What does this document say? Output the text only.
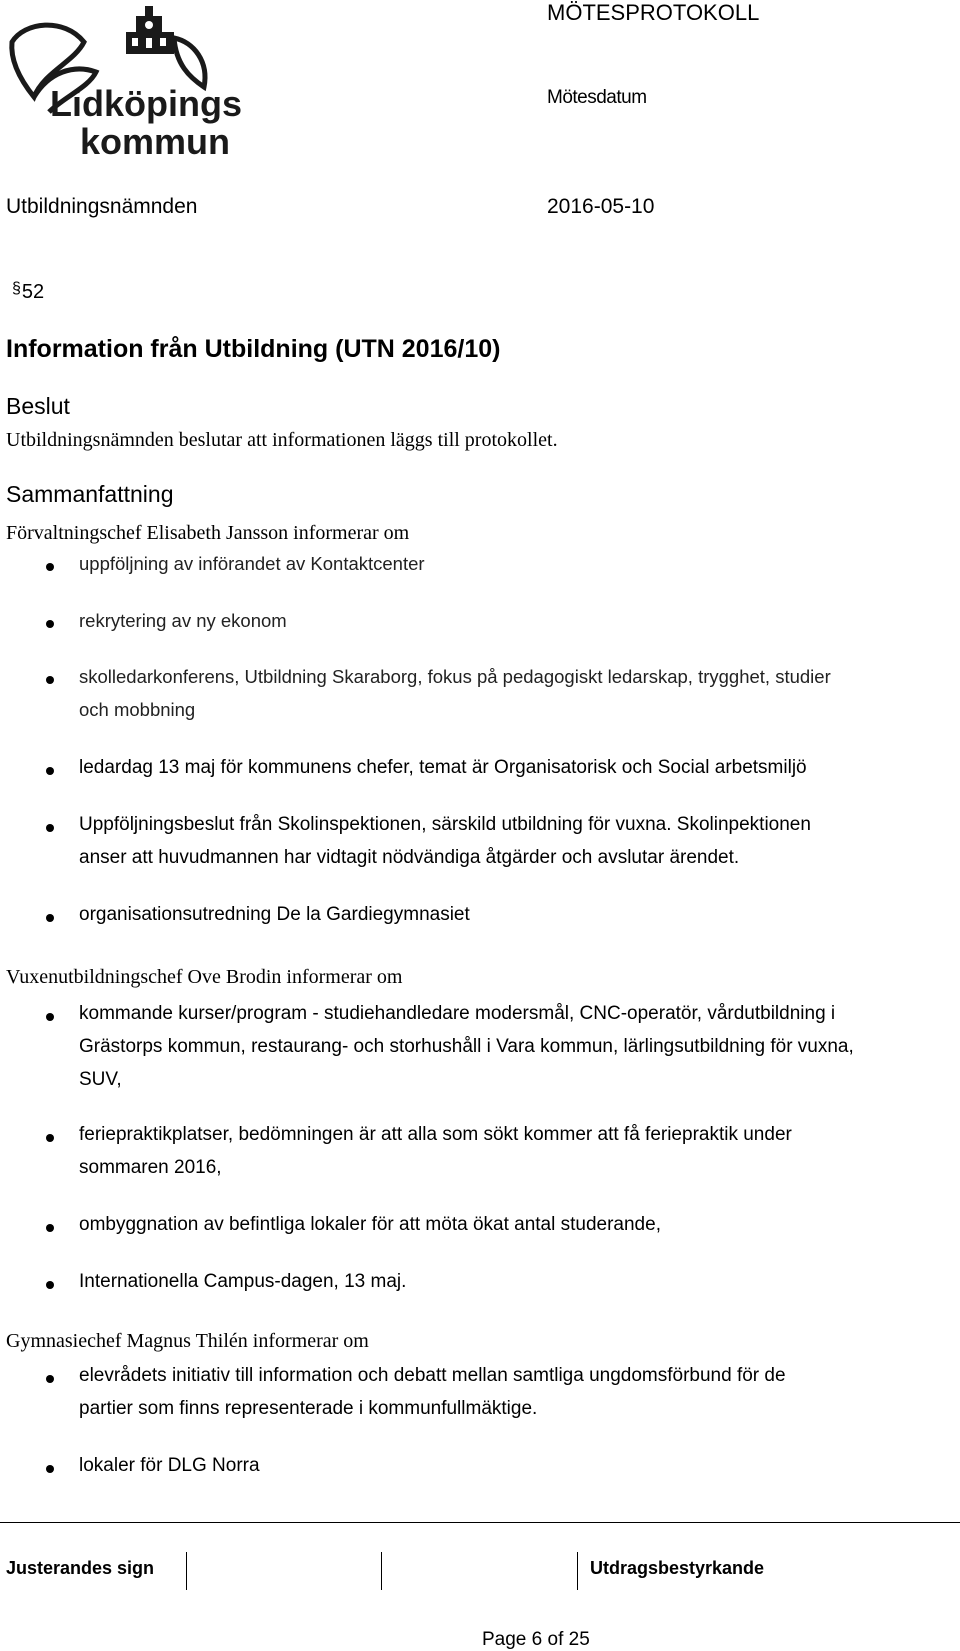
Lidköpings
kommun
MÖTESPROTOKOLL
Mötesdatum
Utbildningsnämnden	2016-05-10
§52
Information från Utbildning (UTN 2016/10)
Beslut
Utbildningsnämnden beslutar att informationen läggs till protokollet.
Sammanfattning
Förvaltningschef Elisabeth Jansson informerar om
uppföljning av införandet av Kontaktcenter
rekrytering av ny ekonom
skolledarkonferens, Utbildning Skaraborg, fokus på pedagogiskt ledarskap, trygghet, studier
och mobbning
ledardag 13 maj för kommunens chefer, temat är Organisatorisk och Social arbetsmiljö
Uppföljningsbeslut från Skolinspektionen, särskild utbildning för vuxna. Skolinpektionen
anser att huvudmannen har vidtagit nödvändiga åtgärder och avslutar ärendet.
organisationsutredning De la Gardiegymnasiet
Vuxenutbildningschef Ove Brodin informerar om
kommande kurser/program - studiehandledare modersmål, CNC-operatör, vårdutbildning i
Grästorps kommun, restaurang- och storhushåll i Vara kommun, lärlingsutbildning för vuxna,
SUV,
feriepraktikplatser, bedömningen är att alla som sökt kommer att få feriepraktik under
sommaren 2016,
ombyggnation av befintliga lokaler för att möta ökat antal studerande,
Internationella Campus-dagen, 13 maj.
Gymnasiechef Magnus Thilén informerar om
elevrådets initiativ till information och debatt mellan samtliga ungdomsförbund för de
partier som finns representerade i kommunfullmäktige.
lokaler för DLG Norra
Justerandes sign	Utdragsbestyrkande
Page 6 of 25
